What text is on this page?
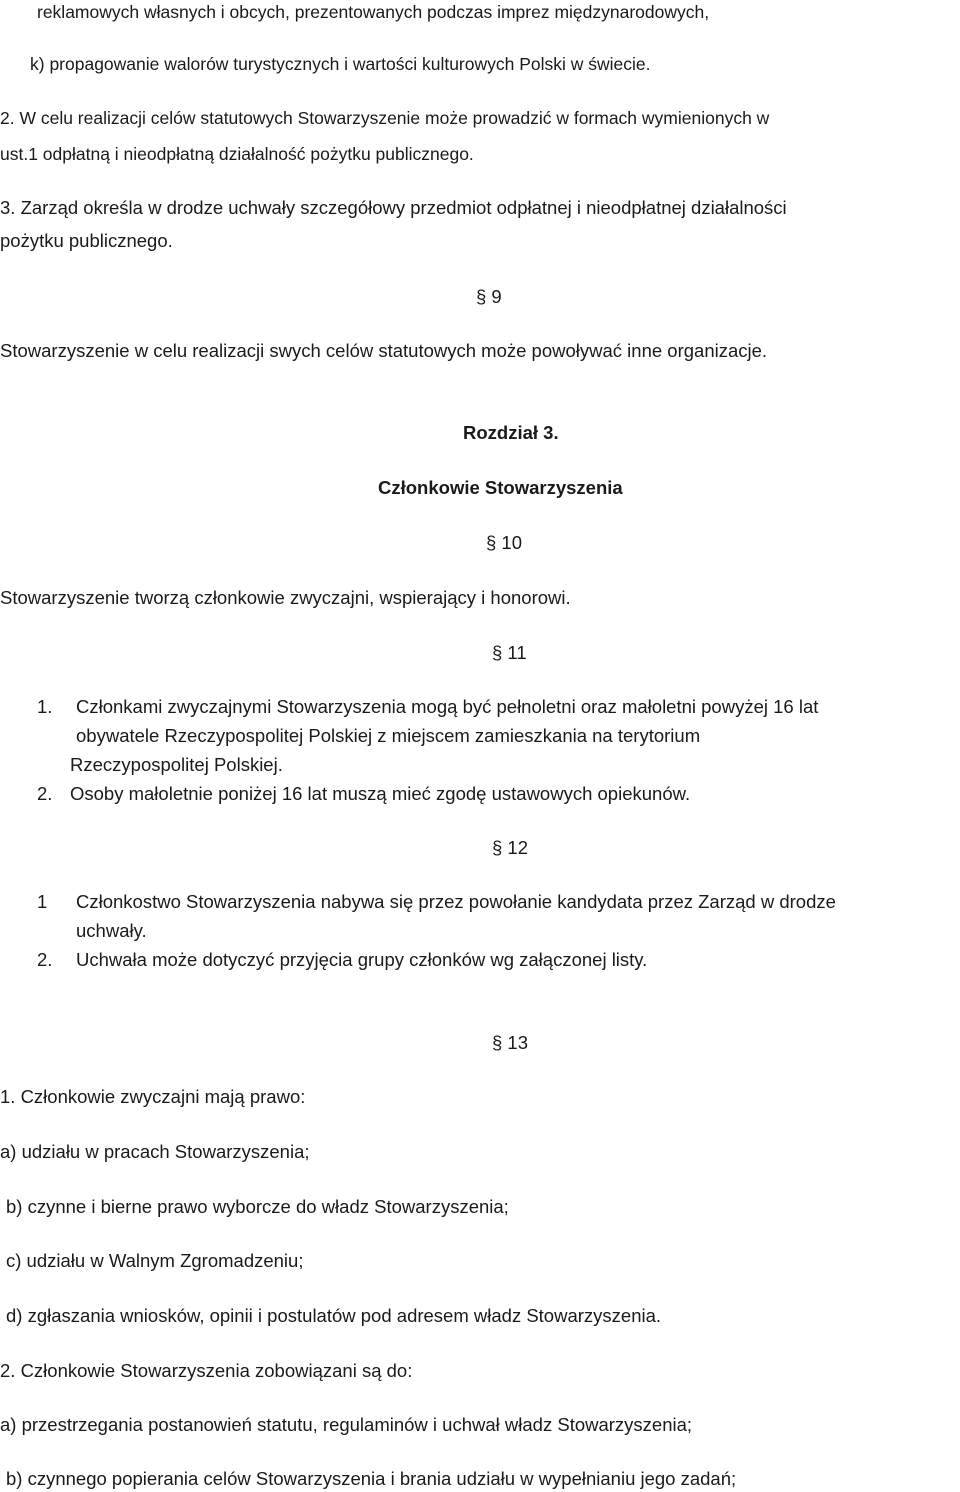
reklamowych własnych i obcych, prezentowanych podczas imprez międzynarodowych,
k) propagowanie walorów turystycznych i wartości kulturowych Polski w świecie.
2. W celu realizacji celów statutowych Stowarzyszenie może prowadzić w formach wymienionych w
ust.1 odpłatną i nieodpłatną działalność pożytku publicznego.
3. Zarząd określa w drodze uchwały szczegółowy przedmiot odpłatnej i nieodpłatnej działalności
pożytku publicznego.
§ 9
Stowarzyszenie w celu realizacji swych celów statutowych może powoływać inne organizacje.
Rozdział 3.
Członkowie Stowarzyszenia
§ 10
Stowarzyszenie tworzą członkowie zwyczajni, wspierający i honorowi.
§ 11
1. Członkami zwyczajnymi Stowarzyszenia mogą być pełnoletni oraz małoletni powyżej 16 lat
obywatele Rzeczypospolitej Polskiej z miejscem zamieszkania na terytorium
Rzeczypospolitej Polskiej.
2. Osoby małoletnie poniżej 16 lat muszą mieć zgodę ustawowych opiekunów.
§ 12
1 Członkostwo Stowarzyszenia nabywa się przez powołanie kandydata przez Zarząd w drodze
uchwały.
2. Uchwała może dotyczyć przyjęcia grupy członków wg załączonej listy.
§ 13
1. Członkowie zwyczajni mają prawo:
a) udziału w pracach Stowarzyszenia;
b) czynne i bierne prawo wyborcze do władz Stowarzyszenia;
c) udziału w Walnym Zgromadzeniu;
d) zgłaszania wniosków, opinii i postulatów pod adresem władz Stowarzyszenia.
2. Członkowie Stowarzyszenia zobowiązani są do:
a) przestrzegania postanowień statutu, regulaminów i uchwał władz Stowarzyszenia;
b) czynnego popierania celów Stowarzyszenia i brania udziału w wypełnianiu jego zadań;
